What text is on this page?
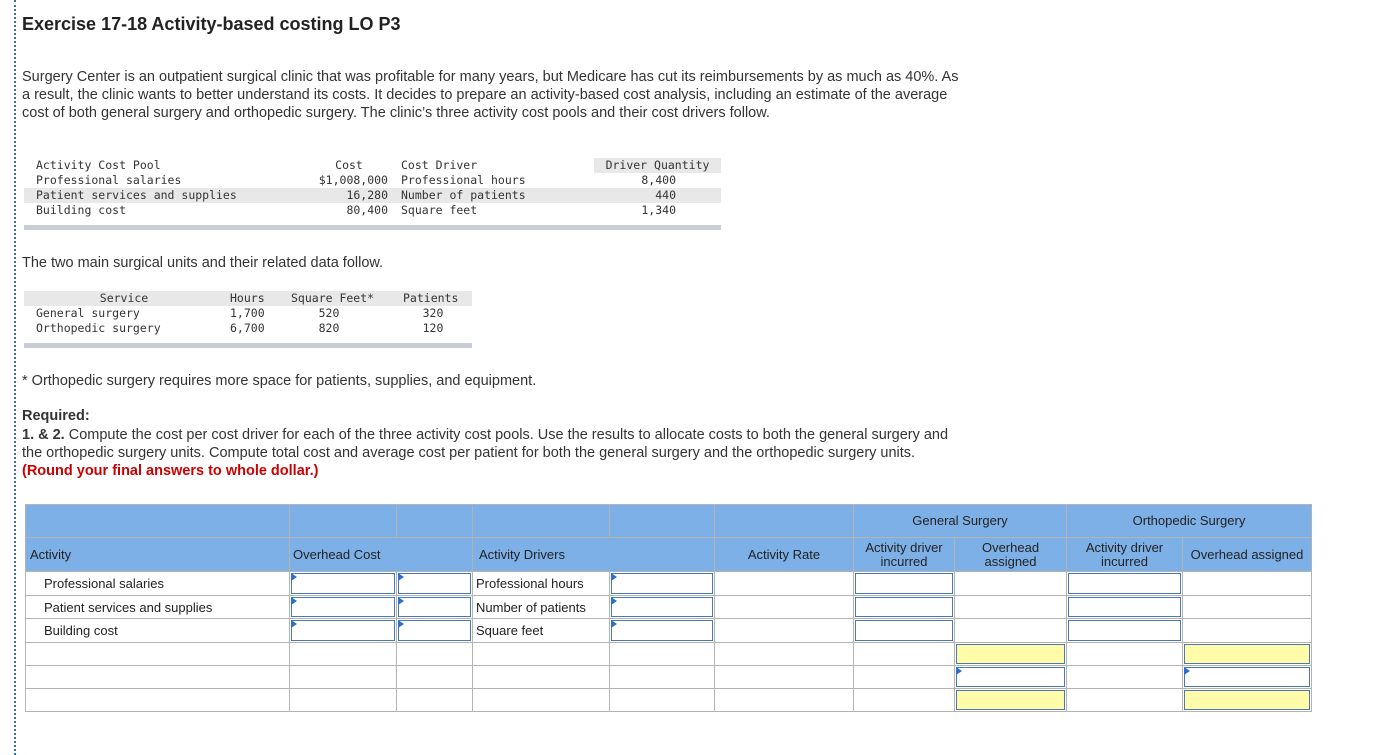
Exercise 17-18 Activity-based costing LO P3

Surgery Center is an outpatient surgical clinic that was profitable for many years, but Medicare has cut its reimbursements by as much as 40%. As a result, the clinic wants to better understand its costs. It decides to prepare an activity-based cost analysis, including an estimate of the average cost of both general surgery and orthopedic surgery. The clinic’s three activity cost pools and their cost drivers follow.

Activity Cost Pool	Cost	Cost Driver	Driver Quantity
Professional salaries	$1,008,000 Professional hours	8,400
Patient services and supplies	16,280 Number of patients	440
Building cost	80,400 Square feet	1,340

The two main surgical units and their related data follow.

Service	Hours Square Feet*	Patients
General surgery	1,700	520	320
Orthopedic surgery	6,700	820	120

* Orthopedic surgery requires more space for patients, supplies, and equipment.

Required:

1. & 2. Compute the cost per cost driver for each of the three activity cost pools. Use the results to allocate costs to both the general surgery and the orthopedic surgery units. Compute total cost and average cost per patient for both the general surgery and the orthopedic surgery units. (Round your final answers to whole dollar.)

						General Surgery		Orthopedic Surgery	

Activity	Overhead Cost		Activity Drivers		Activity Rate	Activity driver incurred	Overhead assigned	Activity driver incurred	Overhead assigned

Professional salaries			Professional hours						

Patient services and supplies			Number of patients						

Building cost			Square feet						
